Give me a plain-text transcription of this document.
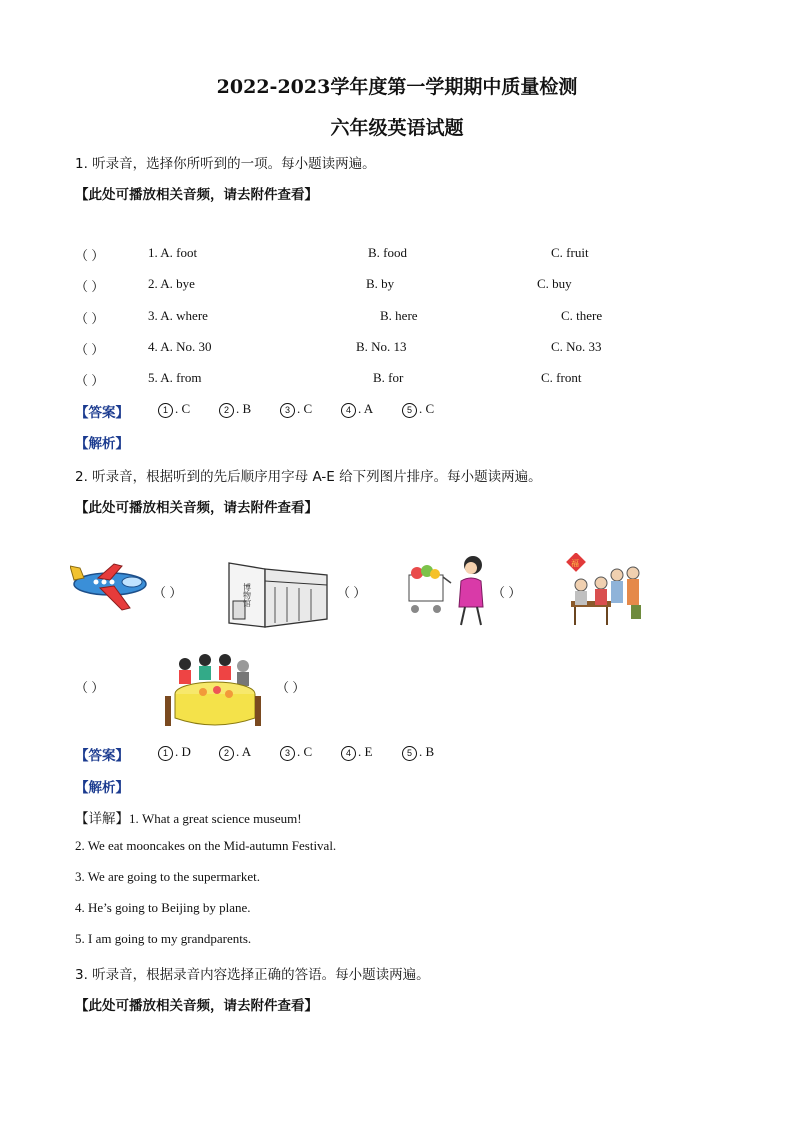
2022-2023学年度第一学期期中质量检测
六年级英语试题
1. 听录音，选择你所听到的一项。每小题读两遍。
【此处可播放相关音频，请去附件查看】
（ ）	1. A. foot	B. food	C. fruit
（ ）	2. A. bye	B. by	C. buy
（ ）	3. A. where	B. here	C. there
（ ）	4. A. No. 30	B. No. 13	C. No. 33
（ ）	5. A. from	B. for	C. front
【答案】	1 . C	2 . B	3 . C	4 . A	5 . C
【解析】
2. 听录音，根据听到的先后顺序用字母 A-E 给下列图片排序。每小题读两遍。
【此处可播放相关音频，请去附件查看】
（ ）	博物馆	（ ）	（ ）
福
（ ）	（ ）
【答案】	1 . D	2 . A	3 . C	4 . E	5 . B
【解析】
【详解】1. What a great science museum!
2. We eat mooncakes on the Mid-autumn Festival.
3. We are going to the supermarket.
4. He’s going to Beijing by plane.
5. I am going to my grandparents.
3. 听录音，根据录音内容选择正确的答语。每小题读两遍。
【此处可播放相关音频，请去附件查看】
